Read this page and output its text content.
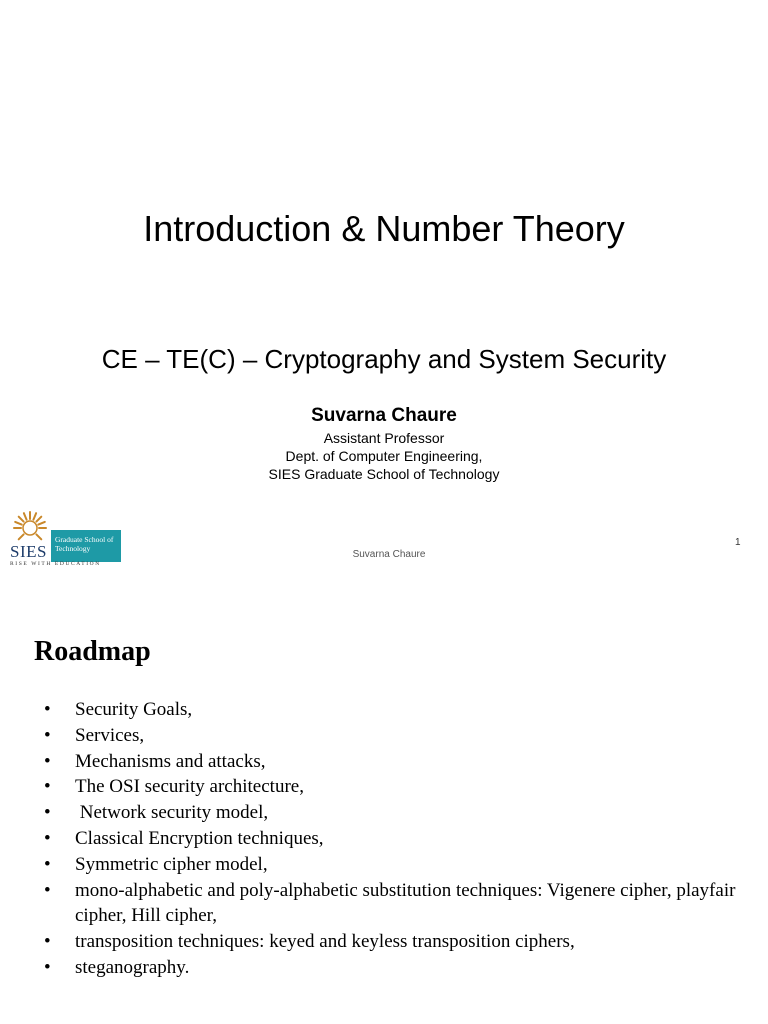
Introduction & Number Theory
CE – TE(C) – Cryptography and System Security
Suvarna Chaure
Assistant Professor
Dept. of Computer Engineering,
SIES Graduate School of Technology
SIES
Graduate School of Technology
RISE WITH EDUCATION
Suvarna Chaure
1
Roadmap
• Security Goals,
• Services,
• Mechanisms and attacks,
• The OSI security architecture,
• Network security model,
• Classical Encryption techniques,
• Symmetric cipher model,
• mono-alphabetic and poly-alphabetic substitution techniques: Vigenere cipher, playfair cipher, Hill cipher,
• transposition techniques: keyed and keyless transposition ciphers,
• steganography.
